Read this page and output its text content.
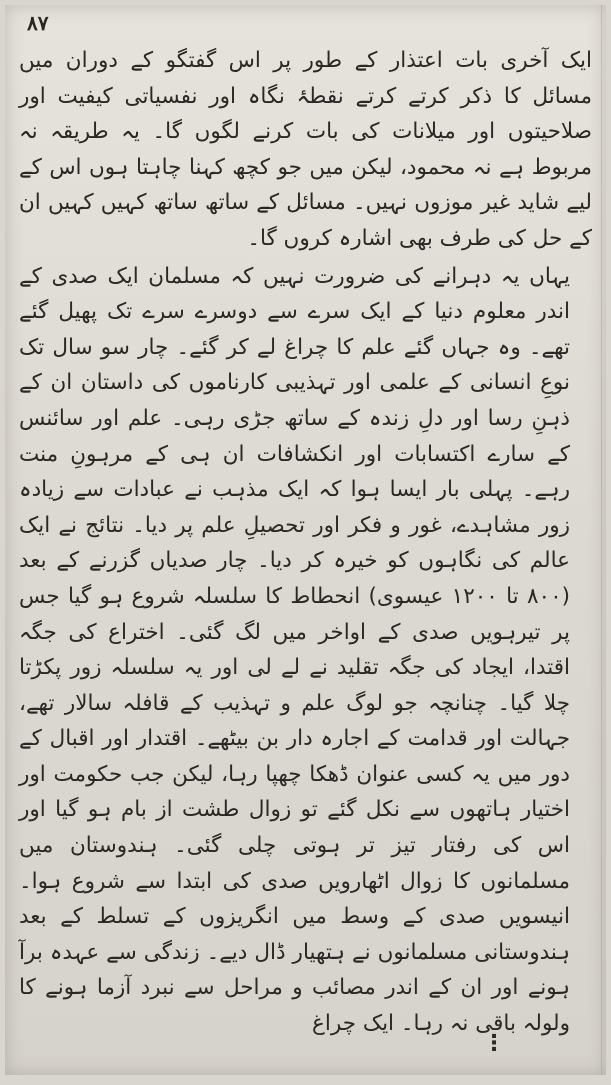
۸۷

ایک آخری بات اعتذار کے طور پر اس گفتگو کے دوران میں مسائل کا ذکر کرتے کرتے نقطۂ نگاہ اور نفسیاتی کیفیت اور صلاحیتوں اور میلانات کی بات کرنے لگوں گا۔ یہ طریقہ نہ مربوط ہے نہ محمود، لیکن میں جو کچھ کہنا چاہتا ہوں اس کے لیے شاید غیر موزوں نہیں۔ مسائل کے ساتھ ساتھ کہیں کہیں ان کے حل کی طرف بھی اشارہ کروں گا۔

یہاں یہ دہرانے کی ضرورت نہیں کہ مسلمان ایک صدی کے اندر معلوم دنیا کے ایک سرے سے دوسرے سرے تک پھیل گئے تھے۔ وہ جہاں گئے علم کا چراغ لے کر گئے۔ چار سو سال تک نوعِ انسانی کے علمی اور تہذیبی کارناموں کی داستان ان کے ذہنِ رسا اور دلِ زندہ کے ساتھ جڑی رہی۔ علم اور سائنس کے سارے اکتسابات اور انکشافات ان ہی کے مرہونِ منت رہے۔ پہلی بار ایسا ہوا کہ ایک مذہب نے عبادات سے زیادہ زور مشاہدے، غور و فکر اور تحصیلِ علم پر دیا۔ نتائج نے ایک عالم کی نگاہوں کو خیرہ کر دیا۔ چار صدیاں گزرنے کے بعد (۸۰۰ تا ۱۲۰۰ عیسوی) انحطاط کا سلسلہ شروع ہو گیا جس پر تیرہویں صدی کے اواخر میں لگ گئی۔ اختراع کی جگہ اقتدا، ایجاد کی جگہ تقلید نے لے لی اور یہ سلسلہ زور پکڑتا چلا گیا۔ چنانچہ جو لوگ علم و تہذیب کے قافلہ سالار تھے، جہالت اور قدامت کے اجارہ دار بن بیٹھے۔ اقتدار اور اقبال کے دور میں یہ کسی عنوان ڈھکا چھپا رہا، لیکن جب حکومت اور اختیار ہاتھوں سے نکل گئے تو زوال طشت از بام ہو گیا اور اس کی رفتار تیز تر ہوتی چلی گئی۔ ہندوستان میں مسلمانوں کا زوال اٹھارویں صدی کی ابتدا سے شروع ہوا۔ انیسویں صدی کے وسط میں انگریزوں کے تسلط کے بعد ہندوستانی مسلمانوں نے ہتھیار ڈال دیے۔ زندگی سے عہدہ برآ ہونے اور ان کے اندر مصائب و مراحل سے نبرد آزما ہونے کا ولولہ باقی نہ رہا۔ ایک چراغ

⋮
